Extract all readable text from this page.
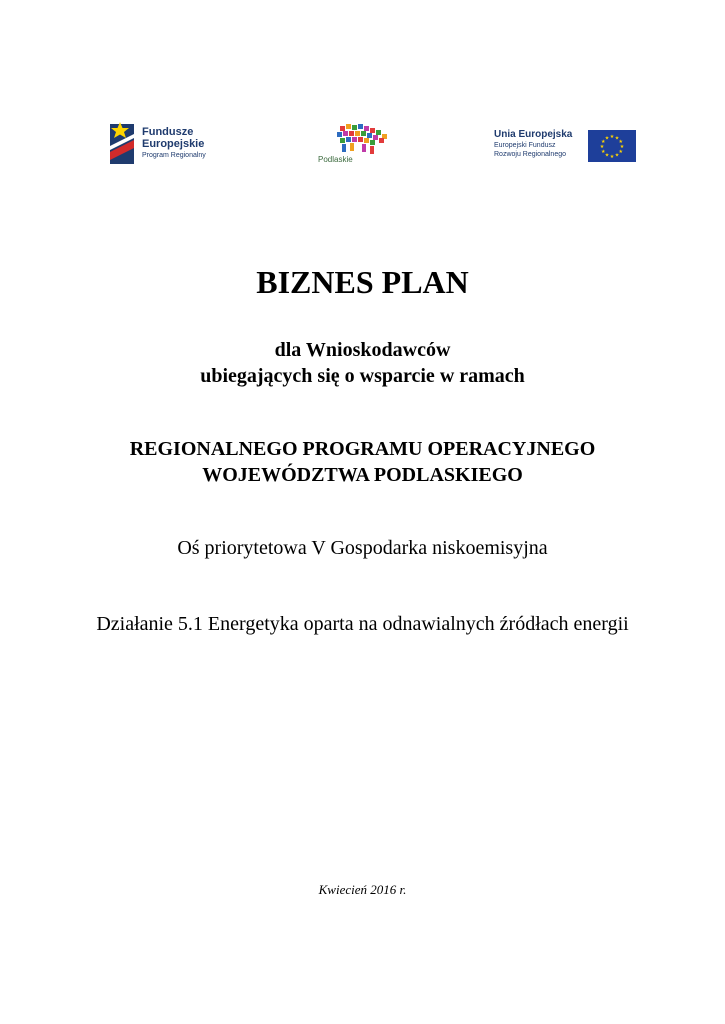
Fundusze
Europejskie
Program Regionalny	Podlaskie
Unia Europejska
Europejski Fundusz
Rozwoju Regionalnego
★ ★
★
★
★
★
★
★
★
★
★
★
BIZNES PLAN
dla Wnioskodawców
ubiegających się o wsparcie w ramach
REGIONALNEGO PROGRAMU OPERACYJNEGO
WOJEWÓDZTWA PODLASKIEGO
Oś priorytetowa V Gospodarka niskoemisyjna
Działanie 5.1 Energetyka oparta na odnawialnych źródłach energii
Kwiecień 2016 r.
